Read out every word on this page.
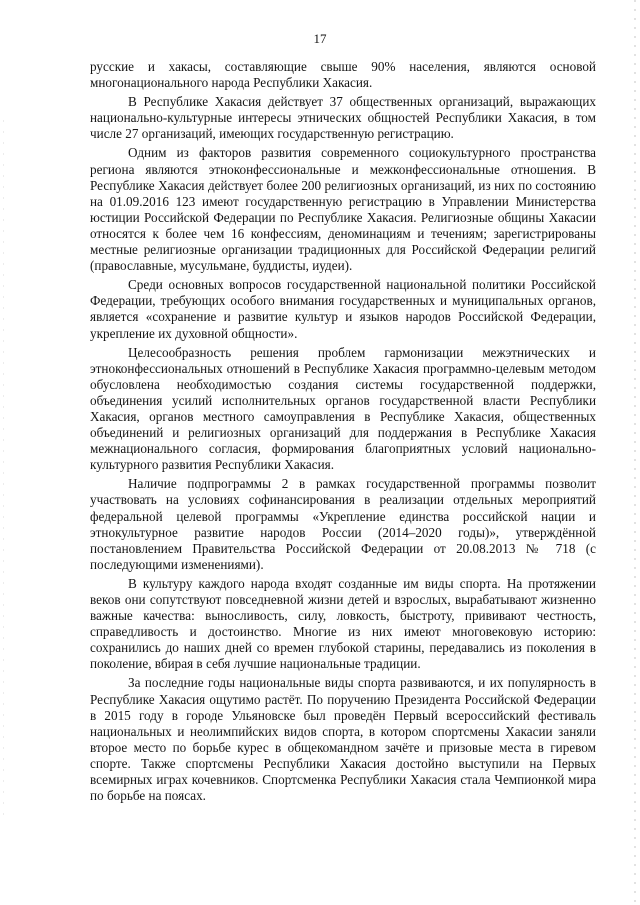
17

русские и хакасы, составляющие свыше 90% населения, являются основой многонационального народа Республики Хакасия.

В Республике Хакасия действует 37 общественных организаций, выражающих национально-культурные интересы этнических общностей Республики Хакасия, в том числе 27 организаций, имеющих государственную регистрацию.

Одним из факторов развития современного социокультурного пространства региона являются этноконфессиональные и межконфессиональные отношения. В Республике Хакасия действует более 200 религиозных организаций, из них по состоянию на 01.09.2016 123 имеют государственную регистрацию в Управлении Министерства юстиции Российской Федерации по Республике Хакасия. Религиозные общины Хакасии относятся к более чем 16 конфессиям, деноминациям и течениям; зарегистрированы местные религиозные организации традиционных для Российской Федерации религий (православные, мусульмане, буддисты, иудеи).

Среди основных вопросов государственной национальной политики Российской Федерации, требующих особого внимания государственных и муниципальных органов, является «сохранение и развитие культур и языков народов Российской Федерации, укрепление их духовной общности».

Целесообразность решения проблем гармонизации межэтнических и этноконфессиональных отношений в Республике Хакасия программно-целевым методом обусловлена необходимостью создания системы государственной поддержки, объединения усилий исполнительных органов государственной власти Республики Хакасия, органов местного самоуправления в Республике Хакасия, общественных объединений и религиозных организаций для поддержания в Республике Хакасия межнационального согласия, формирования благоприятных условий национально-культурного развития Республики Хакасия.

Наличие подпрограммы 2 в рамках государственной программы позволит участвовать на условиях софинансирования в реализации отдельных мероприятий федеральной целевой программы «Укрепление единства российской нации и этнокультурное развитие народов России (2014–2020 годы)», утверждённой постановлением Правительства Российской Федерации от 20.08.2013 № 718 (с последующими изменениями).

В культуру каждого народа входят созданные им виды спорта. На протяжении веков они сопутствуют повседневной жизни детей и взрослых, вырабатывают жизненно важные качества: выносливость, силу, ловкость, быстроту, прививают честность, справедливость и достоинство. Многие из них имеют многовековую историю: сохранились до наших дней со времен глубокой старины, передавались из поколения в поколение, вбирая в себя лучшие национальные традиции.

За последние годы национальные виды спорта развиваются, и их популярность в Республике Хакасия ощутимо растёт. По поручению Президента Российской Федерации в 2015 году в городе Ульяновске был проведён Первый всероссийский фестиваль национальных и неолимпийских видов спорта, в котором спортсмены Хакасии заняли второе место по борьбе курес в общекомандном зачёте и призовые места в гиревом спорте. Также спортсмены Республики Хакасия достойно выступили на Первых всемирных играх кочевников. Спортсменка Республики Хакасия стала Чемпионкой мира по борьбе на поясах.
